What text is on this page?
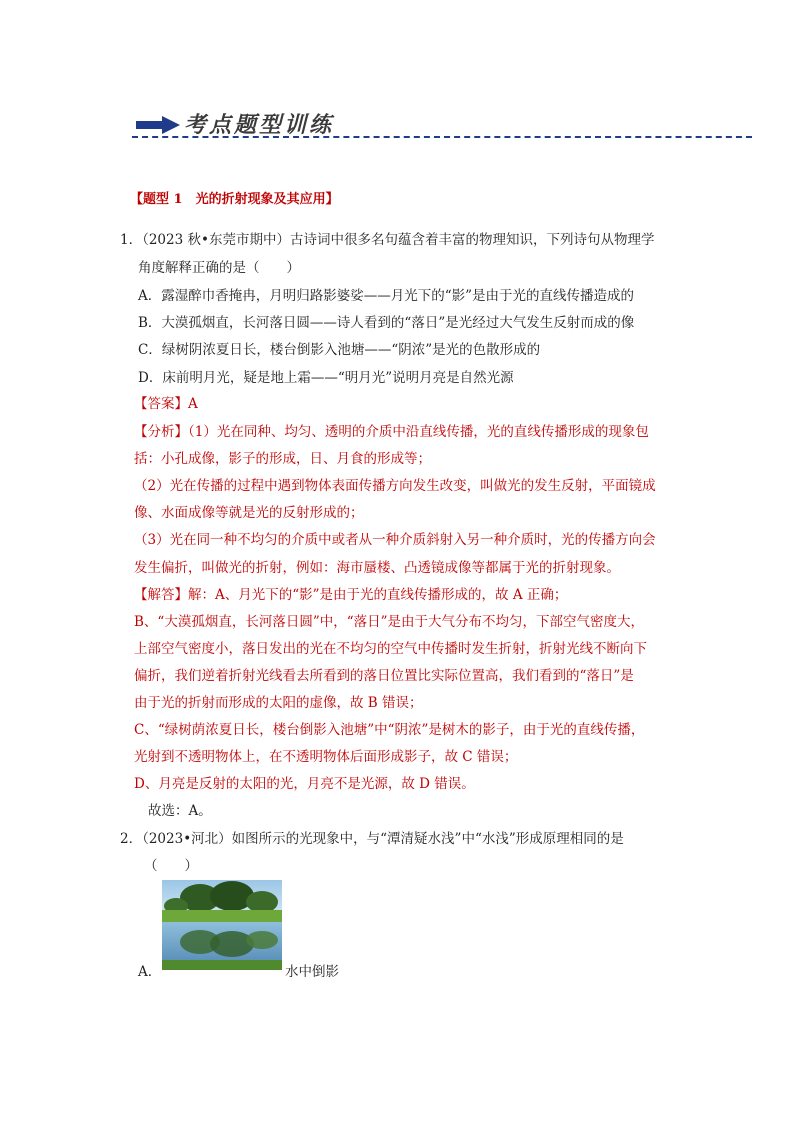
考点题型训练
【题型 1　光的折射现象及其应用】
1．（2023 秋•东莞市期中）古诗词中很多名句蕴含着丰富的物理知识，下列诗句从物理学
角度解释正确的是（　　）
A．露湿醉巾香掩冉，月明归路影婆娑——月光下的“影”是由于光的直线传播造成的
B．大漠孤烟直，长河落日圆——诗人看到的“落日”是光经过大气发生反射而成的像
C．绿树阴浓夏日长，楼台倒影入池塘——“阴浓”是光的色散形成的
D．床前明月光，疑是地上霜——“明月光”说明月亮是自然光源
【答案】A
【分析】（1）光在同种、均匀、透明的介质中沿直线传播，光的直线传播形成的现象包
括：小孔成像，影子的形成，日、月食的形成等；
（2）光在传播的过程中遇到物体表面传播方向发生改变，叫做光的发生反射，平面镜成
像、水面成像等就是光的反射形成的；
（3）光在同一种不均匀的介质中或者从一种介质斜射入另一种介质时，光的传播方向会
发生偏折，叫做光的折射，例如：海市蜃楼、凸透镜成像等都属于光的折射现象。
【解答】解：A、月光下的“影”是由于光的直线传播形成的，故 A 正确；
B、“大漠孤烟直，长河落日圆”中，“落日”是由于大气分布不均匀，下部空气密度大，
上部空气密度小，落日发出的光在不均匀的空气中传播时发生折射，折射光线不断向下
偏折，我们逆着折射光线看去所看到的落日位置比实际位置高，我们看到的“落日”是
由于光的折射而形成的太阳的虚像，故 B 错误；
C、“绿树荫浓夏日长，楼台倒影入池塘”中“阴浓”是树木的影子，由于光的直线传播，
光射到不透明物体上，在不透明物体后面形成影子，故 C 错误；
D、月亮是反射的太阳的光，月亮不是光源，故 D 错误。
故选：A。
2．（2023•河北）如图所示的光现象中，与“潭清疑水浅”中“水浅”形成原理相同的是
（　　）
A．	水中倒影
